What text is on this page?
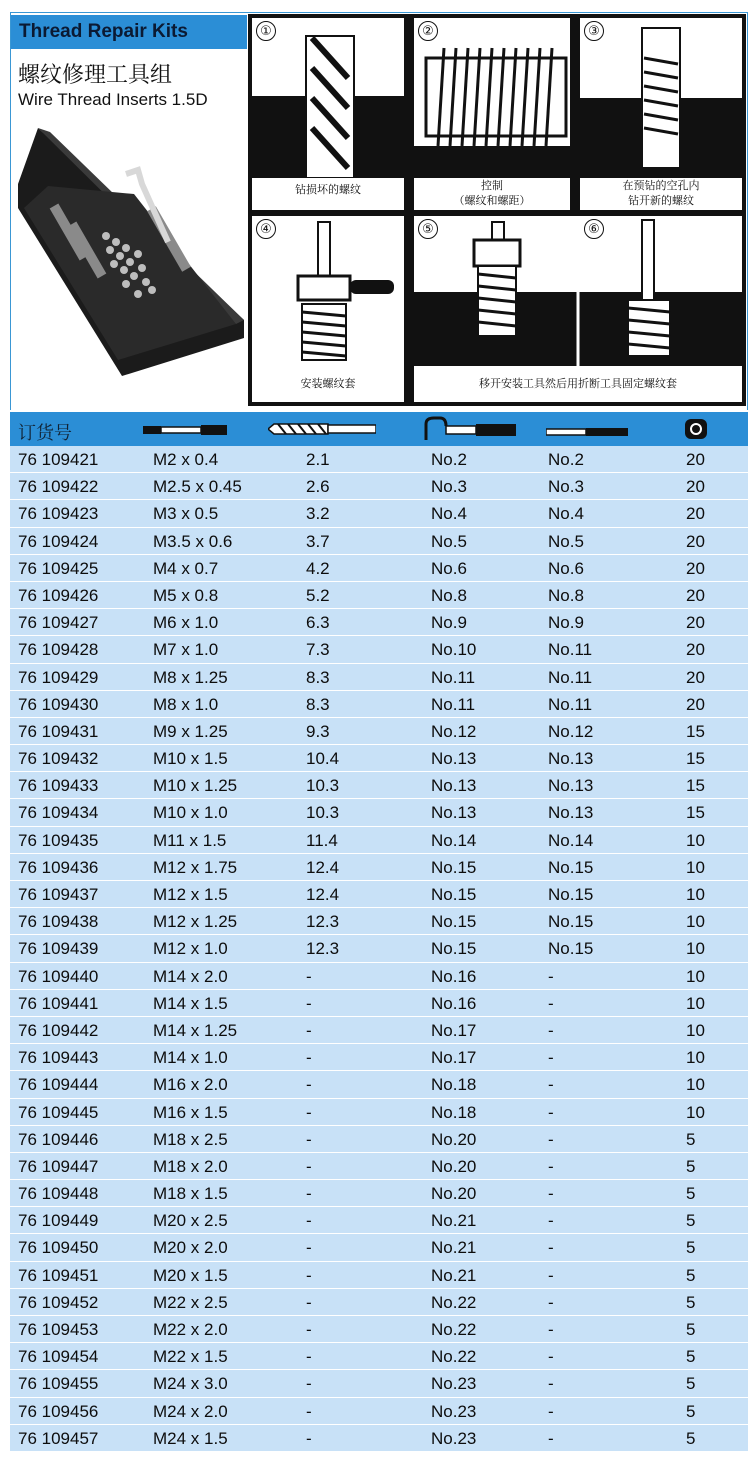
Thread Repair Kits
螺纹修理工具组
Wire Thread Inserts 1.5D
①
钻损坏的螺纹
②
控制
（螺纹和螺距）
③
在预钻的空孔内
钻开新的螺纹
④
安装螺纹套
⑤	⑥
移开安装工具然后用折断工具固定螺纹套
订货号
76 109421	M2 x 0.4	2.1	No.2	No.2	20
76 109422	M2.5 x 0.45	2.6	No.3	No.3	20
76 109423	M3 x 0.5	3.2	No.4	No.4	20
76 109424	M3.5 x 0.6	3.7	No.5	No.5	20
76 109425	M4 x 0.7	4.2	No.6	No.6	20
76 109426	M5 x 0.8	5.2	No.8	No.8	20
76 109427	M6 x 1.0	6.3	No.9	No.9	20
76 109428	M7 x 1.0	7.3	No.10	No.11	20
76 109429	M8 x 1.25	8.3	No.11	No.11	20
76 109430	M8 x 1.0	8.3	No.11	No.11	20
76 109431	M9 x 1.25	9.3	No.12	No.12	15
76 109432	M10 x 1.5	10.4	No.13	No.13	15
76 109433	M10 x 1.25	10.3	No.13	No.13	15
76 109434	M10 x 1.0	10.3	No.13	No.13	15
76 109435	M11 x 1.5	11.4	No.14	No.14	10
76 109436	M12 x 1.75	12.4	No.15	No.15	10
76 109437	M12 x 1.5	12.4	No.15	No.15	10
76 109438	M12 x 1.25	12.3	No.15	No.15	10
76 109439	M12 x 1.0	12.3	No.15	No.15	10
76 109440	M14 x 2.0	-	No.16	-	10
76 109441	M14 x 1.5	-	No.16	-	10
76 109442	M14 x 1.25	-	No.17	-	10
76 109443	M14 x 1.0	-	No.17	-	10
76 109444	M16 x 2.0	-	No.18	-	10
76 109445	M16 x 1.5	-	No.18	-	10
76 109446	M18 x 2.5	-	No.20	-	5
76 109447	M18 x 2.0	-	No.20	-	5
76 109448	M18 x 1.5	-	No.20	-	5
76 109449	M20 x 2.5	-	No.21	-	5
76 109450	M20 x 2.0	-	No.21	-	5
76 109451	M20 x 1.5	-	No.21	-	5
76 109452	M22 x 2.5	-	No.22	-	5
76 109453	M22 x 2.0	-	No.22	-	5
76 109454	M22 x 1.5	-	No.22	-	5
76 109455	M24 x 3.0	-	No.23	-	5
76 109456	M24 x 2.0	-	No.23	-	5
76 109457	M24 x 1.5	-	No.23	-	5
